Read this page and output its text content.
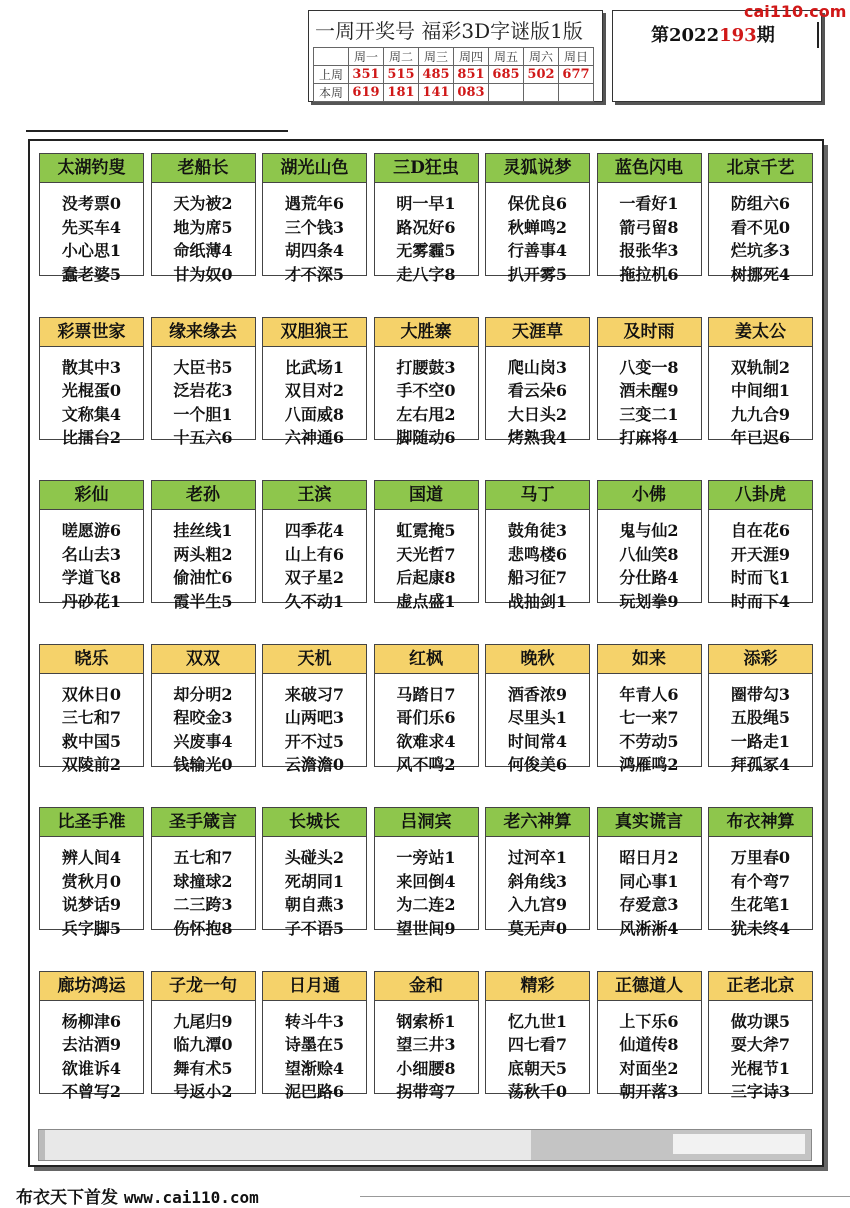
一周开奖号 福彩3D字谜版1版
	周一	周二	周三	周四	周五	周六	周日
上周	351	515	485	851	685	502	677
本周	619	181	141	083			
第2022193期
cai110.com
太湖钓叟
没考票0
先买车4
小心思1
蠢老婆5
老船长
天为被2
地为席5
命纸薄4
甘为奴0
湖光山色
遇荒年6
三个钱3
胡四条4
才不深5
三D狂虫
明一早1
路况好6
无雾霾5
走八字8
灵狐说梦
保优良6
秋蝉鸣2
行善事4
扒开雾5
蓝色闪电
一看好1
箭弓留8
报张华3
拖拉机6
北京千艺
防组六6
看不见0
烂坑多3
树挪死4
彩票世家
散其中3
光棍蛋0
文称集4
比擂台2
缘来缘去
大臣书5
泛岩花3
一个胆1
十五六6
双胆狼王
比武场1
双目对2
八面威8
六神通6
大胜寨
打腰鼓3
手不空0
左右甩2
脚随动6
天涯草
爬山岗3
看云朵6
大日头2
烤熟我4
及时雨
八变一8
酒未醒9
三变二1
打麻将4
姜太公
双轨制2
中间细1
九九合9
年已迟6
彩仙
嗟愿游6
名山去3
学道飞8
丹砂花1
老孙
挂丝线1
两头粗2
偷油忙6
霞半生5
王滨
四季花4
山上有6
双子星2
久不动1
国道
虹霓掩5
天光哲7
后起康8
虚点盛1
马丁
鼓角徒3
悲鸣楼6
船习征7
战抽剑1
小佛
鬼与仙2
八仙笑8
分仕路4
玩划拳9
八卦虎
自在花6
开天涯9
时而飞1
时而下4
晓乐
双休日0
三七和7
救中国5
双陵前2
双双
却分明2
程咬金3
兴废事4
钱输光0
天机
来破习7
山两吧3
开不过5
云澹澹0
红枫
马踏日7
哥们乐6
欲难求4
风不鸣2
晚秋
酒香浓9
尽里头1
时间常4
何俊美6
如来
年青人6
七一来7
不劳动5
鸿雁鸣2
添彩
圈带勾3
五股绳5
一路走1
拜孤冢4
比圣手准
辨人间4
赏秋月0
说梦话9
兵字脚5
圣手箴言
五七和7
球撞球2
二三跨3
伤怀抱8
长城长
头碰头2
死胡同1
朝自燕3
子不语5
吕洞宾
一旁站1
来回倒4
为二连2
望世间9
老六神算
过河卒1
斜角线3
入九宫9
莫无声0
真实谎言
昭日月2
同心事1
存爱意3
风淅淅4
布衣神算
万里春0
有个弯7
生花笔1
犹未终4
廊坊鸿运
杨柳津6
去沽酒9
欲谁诉4
不曾写2
子龙一句
九尾归9
临九潭0
舞有术5
号返小2
日月通
转斗牛3
诗墨在5
望渐赊4
泥巴路6
金和
钢索桥1
望三井3
小细腰8
拐带弯7
精彩
忆九世1
四七看7
底朝天5
荡秋千0
正德道人
上下乐6
仙道传8
对面坐2
朝开落3
正老北京
做功课5
耍大斧7
光棍节1
三字诗3
布衣天下首发 www.cai110.com
